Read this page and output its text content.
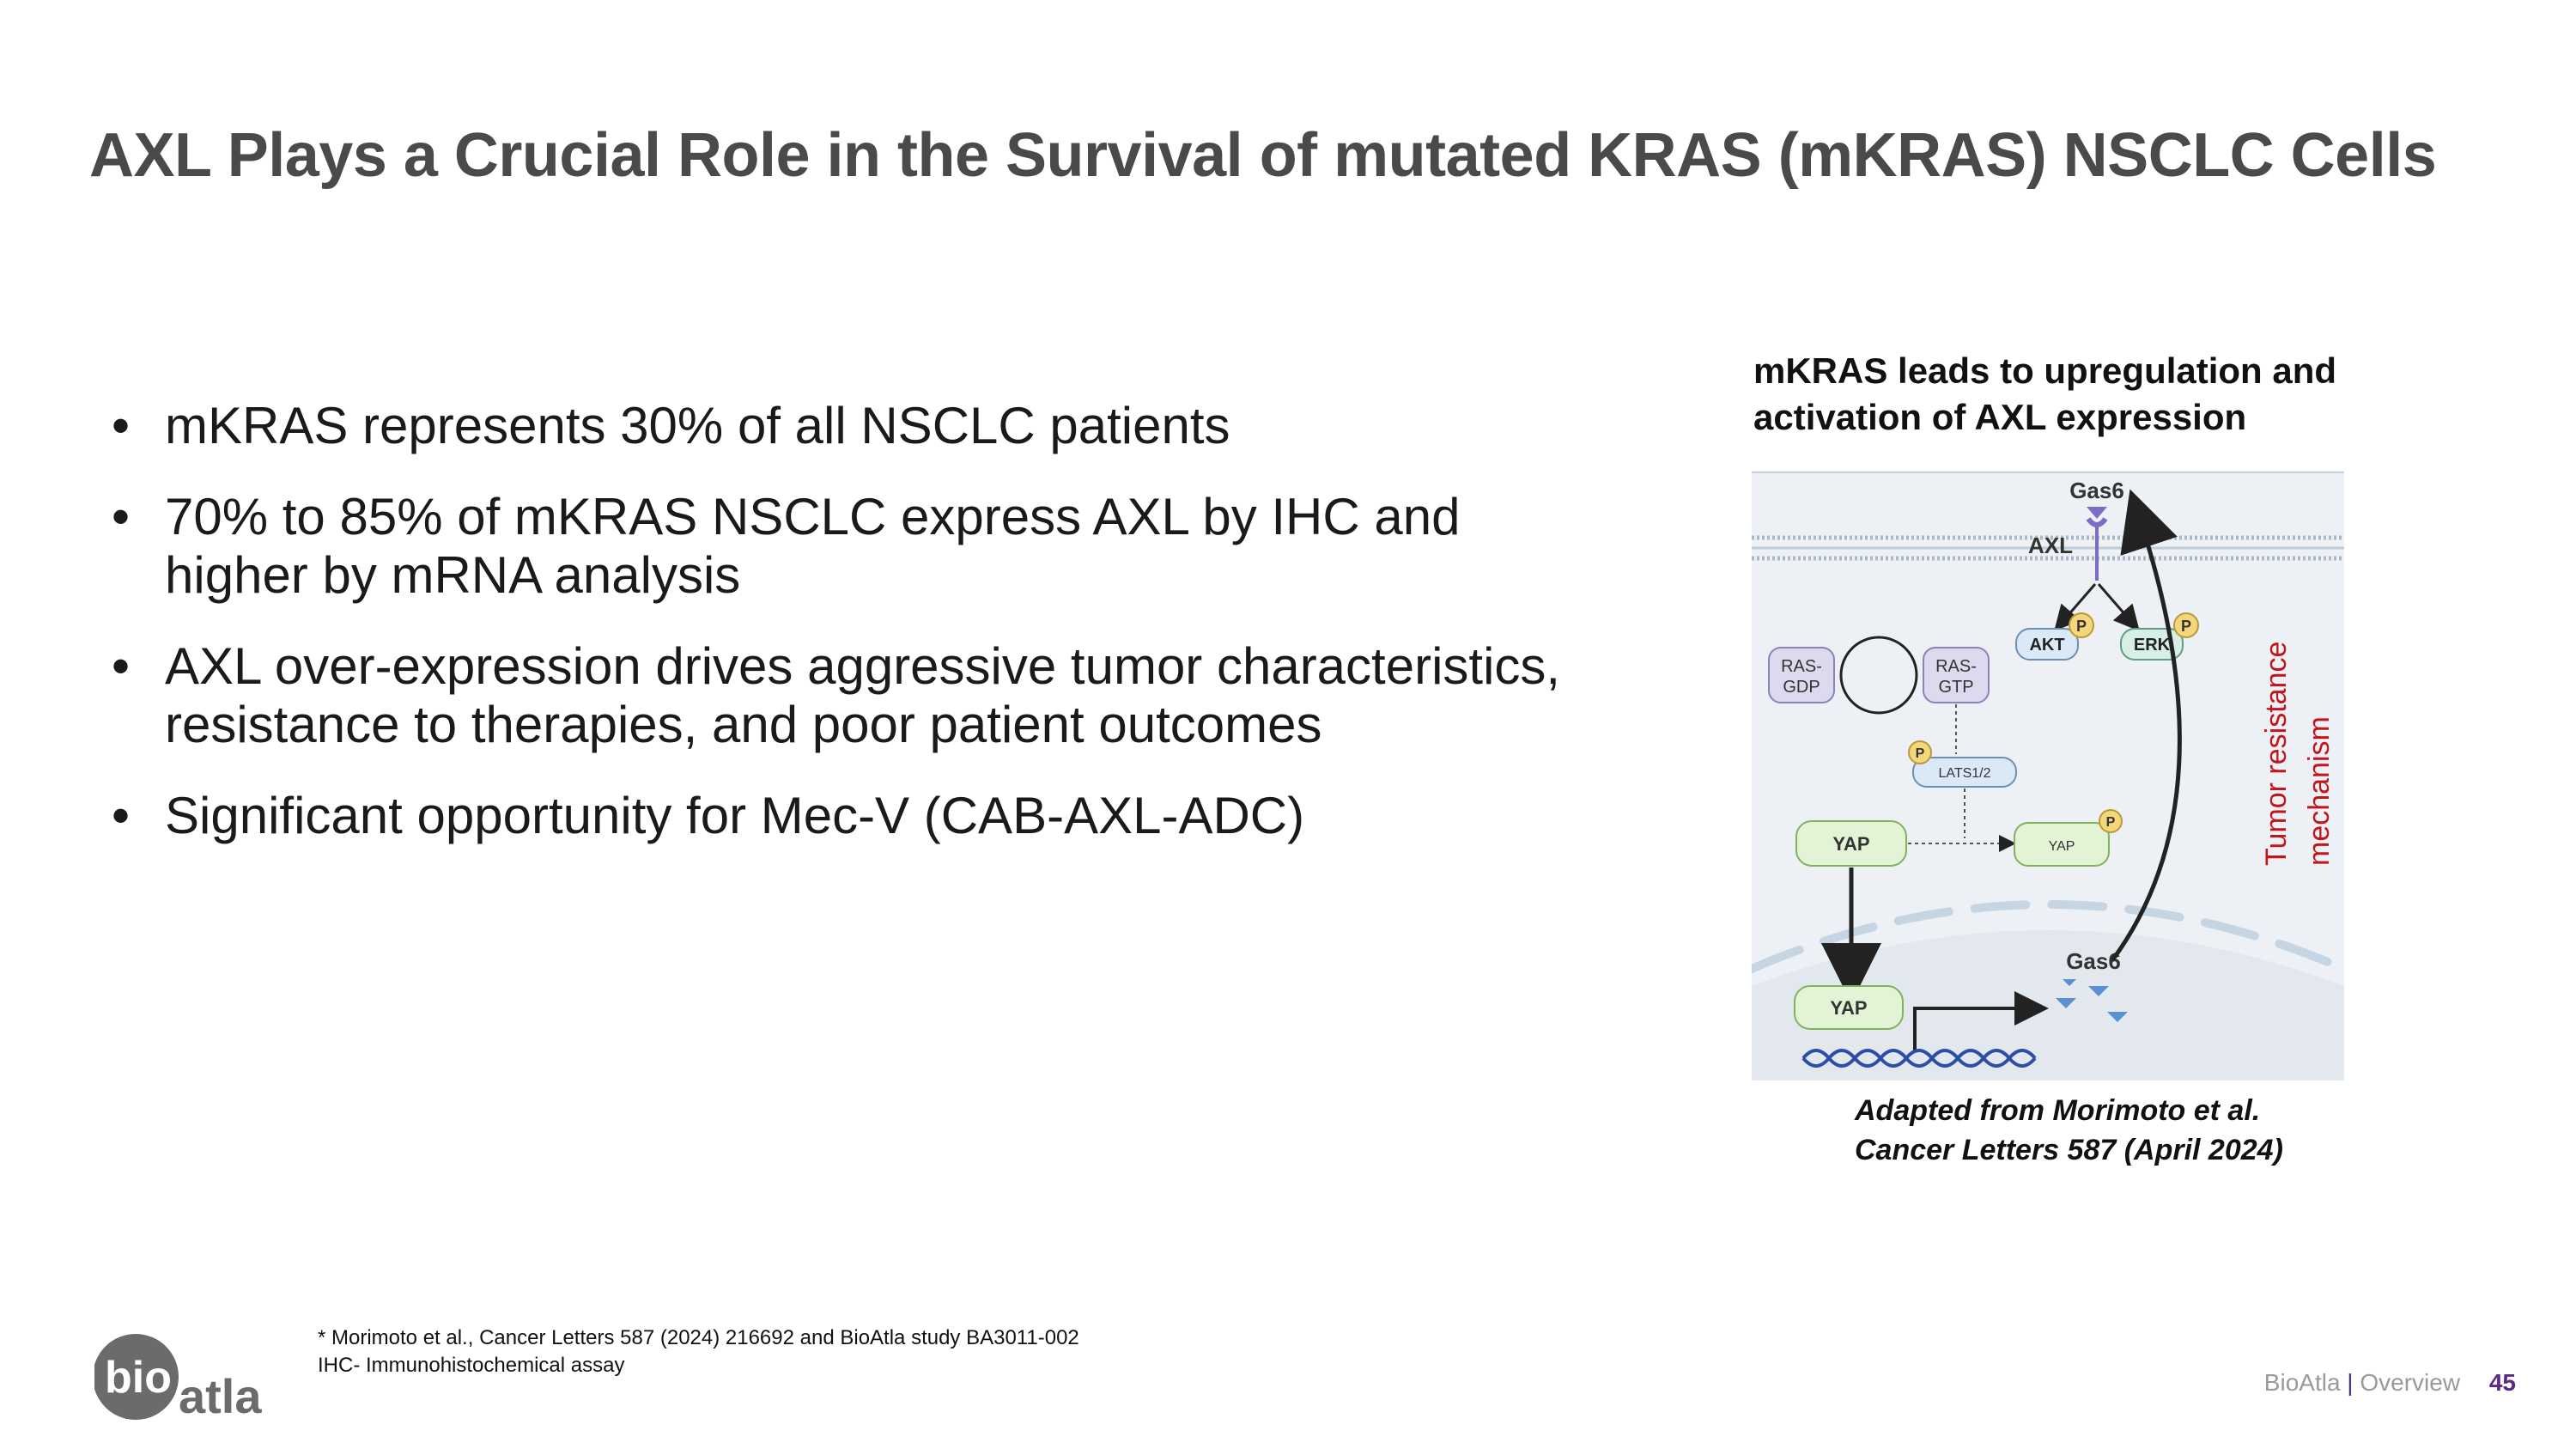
AXL Plays a Crucial Role in the Survival of mutated KRAS (mKRAS) NSCLC Cells
• mKRAS represents 30% of all NSCLC patients
• 70% to 85% of mKRAS NSCLC express AXL by IHC and higher by mRNA analysis
• AXL over-expression drives aggressive tumor characteristics, resistance to therapies, and poor patient outcomes
• Significant opportunity for Mec-V (CAB-AXL-ADC)
mKRAS leads to upregulation and activation of AXL expression
Gas6
AXL
AKT
P
ERK
P
RAS-
GDP
RAS-
GTP
LATS1/2
P
YAP	YAP
P
YAP
Gas6
Tumor resistance mechanism
Adapted from Morimoto et al.
Cancer Letters 587 (April 2024)
* Morimoto et al., Cancer Letters 587 (2024) 216692 and BioAtla study BA3011-002
IHC- Immunohistochemical assay
bio atla	BioAtla | Overview 45
